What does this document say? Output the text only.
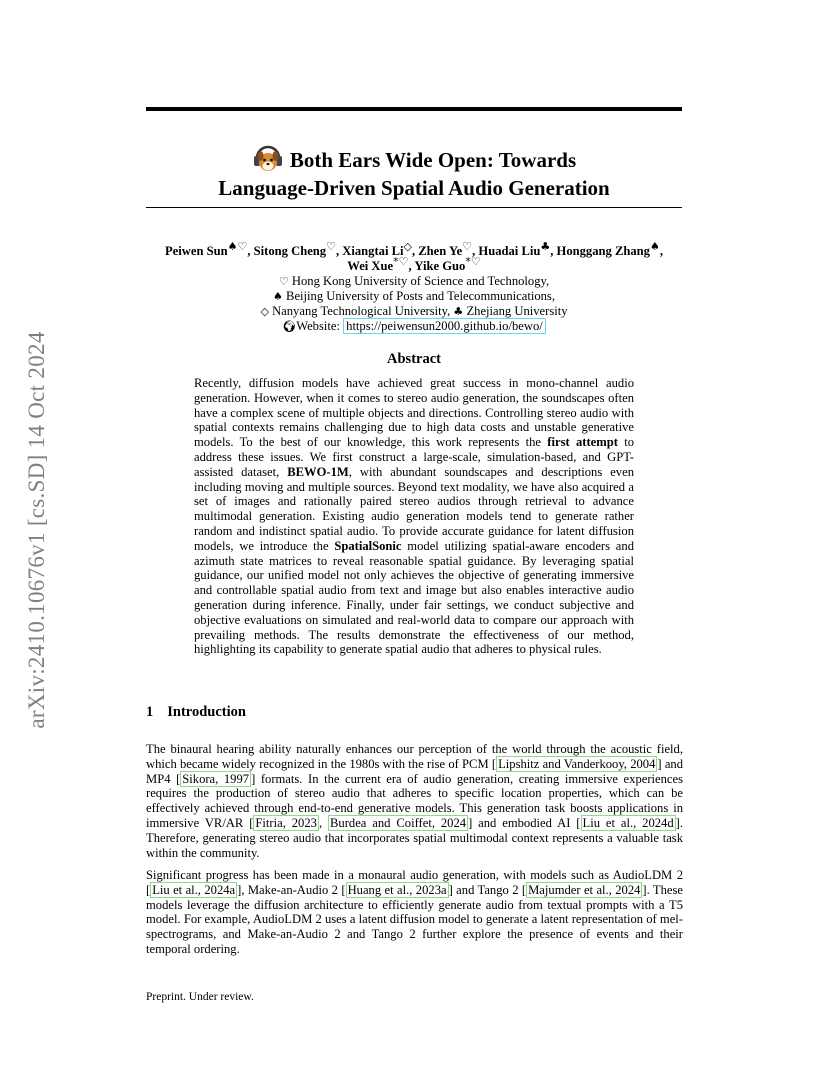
arXiv:2410.10676v1 [cs.SD] 14 Oct 2024
Both Ears Wide Open: Towards
Language-Driven Spatial Audio Generation
Peiwen Sun♠♡, Sitong Cheng♡, Xiangtai Li◇, Zhen Ye♡, Huadai Liu♣, Honggang Zhang♠,
Wei Xue*♡, Yike Guo*♡
♡ Hong Kong University of Science and Technology,
♠ Beijing University of Posts and Telecommunications,
◇ Nanyang Technological University, ♣ Zhejiang University
🌍︎Website: https://peiwensun2000.github.io/bewo/
Abstract
Recently, diffusion models have achieved great success in mono-channel audio generation. However, when it comes to stereo audio generation, the soundscapes often have a complex scene of multiple objects and directions. Controlling stereo audio with spatial contexts remains challenging due to high data costs and unstable generative models. To the best of our knowledge, this work represents the first attempt to address these issues. We first construct a large-scale, simulation-based, and GPT-assisted dataset, BEWO-1M, with abundant soundscapes and descriptions even including moving and multiple sources. Beyond text modality, we have also acquired a set of images and rationally paired stereo audios through retrieval to advance multimodal generation. Existing audio generation models tend to generate rather random and indistinct spatial audio. To provide accurate guidance for latent diffusion models, we introduce the SpatialSonic model utilizing spatial-aware encoders and azimuth state matrices to reveal reasonable spatial guidance. By leveraging spatial guidance, our unified model not only achieves the objective of generating immersive and controllable spatial audio from text and image but also enables interactive audio generation during inference. Finally, under fair settings, we conduct subjective and objective evaluations on simulated and real-world data to compare our approach with prevailing methods. The results demonstrate the effectiveness of our method, highlighting its capability to generate spatial audio that adheres to physical rules.
1 Introduction
The binaural hearing ability naturally enhances our perception of the world through the acoustic field, which became widely recognized in the 1980s with the rise of PCM [ Lipshitz and Vanderkooy, 2004 ] and MP4 [ Sikora, 1997 ] formats. In the current era of audio generation, creating immersive experiences requires the production of stereo audio that adheres to specific location properties, which can be effectively achieved through end-to-end generative models. This generation task boosts applications in immersive VR/AR [ Fitria, 2023 , Burdea and Coiffet, 2024 ] and embodied AI [ Liu et al., 2024d ]. Therefore, generating stereo audio that incorporates spatial multimodal context represents a valuable task within the community.
Significant progress has been made in a monaural audio generation, with models such as AudioLDM 2 [ Liu et al., 2024a ], Make-an-Audio 2 [ Huang et al., 2023a ] and Tango 2 [ Majumder et al., 2024 ]. These models leverage the diffusion architecture to efficiently generate audio from textual prompts with a T5 model. For example, AudioLDM 2 uses a latent diffusion model to generate a latent representation of mel-spectrograms, and Make-an-Audio 2 and Tango 2 further explore the presence of events and their temporal ordering.
Preprint. Under review.
